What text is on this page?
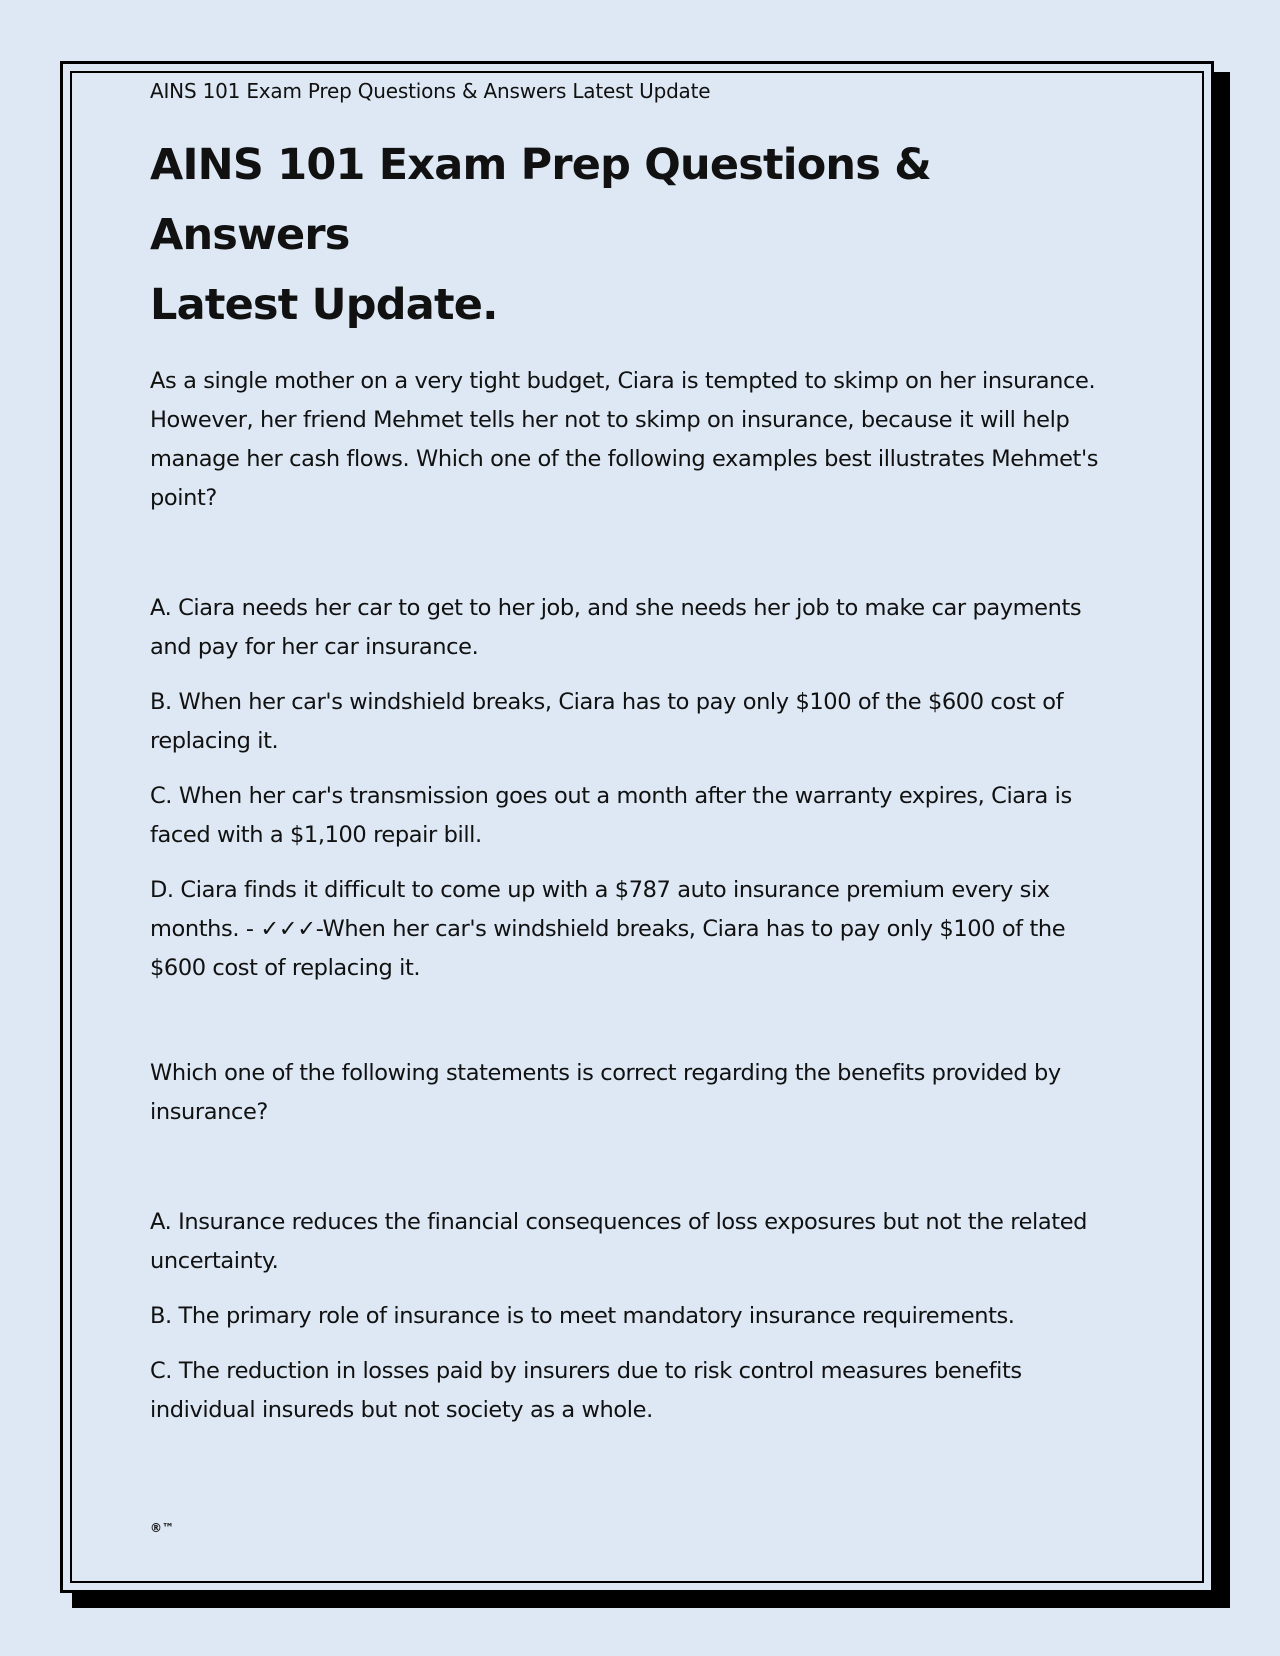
AINS 101 Exam Prep Questions & Answers Latest Update

AINS 101 Exam Prep Questions & Answers
Latest Update.

As a single mother on a very tight budget, Ciara is tempted to skimp on her insurance. However, her friend Mehmet tells her not to skimp on insurance, because it will help manage her cash flows. Which one of the following examples best illustrates Mehmet's point?

A. Ciara needs her car to get to her job, and she needs her job to make car payments and pay for her car insurance.

B. When her car's windshield breaks, Ciara has to pay only $100 of the $600 cost of replacing it.

C. When her car's transmission goes out a month after the warranty expires, Ciara is faced with a $1,100 repair bill.

D. Ciara finds it difficult to come up with a $787 auto insurance premium every six months. - ✓✓✓-When her car's windshield breaks, Ciara has to pay only $100 of the $600 cost of replacing it.

Which one of the following statements is correct regarding the benefits provided by insurance?

A. Insurance reduces the financial consequences of loss exposures but not the related uncertainty.

B. The primary role of insurance is to meet mandatory insurance requirements.

C. The reduction in losses paid by insurers due to risk control measures benefits individual insureds but not society as a whole.

®™
